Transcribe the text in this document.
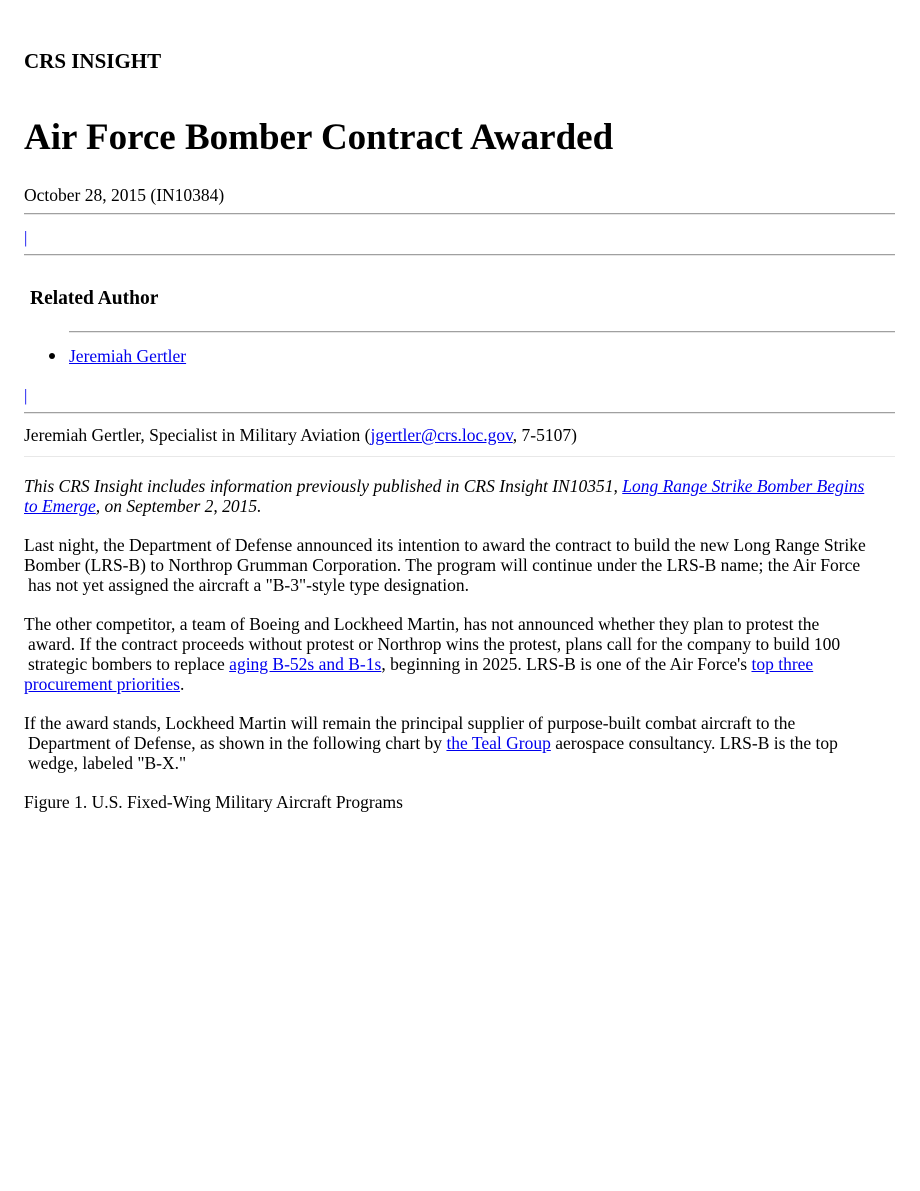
CRS INSIGHT
Air Force Bomber Contract Awarded
October 28, 2015 (IN10384)
|
Related Author
Jeremiah Gertler
|
Jeremiah Gertler, Specialist in Military Aviation (jgertler@crs.loc.gov, 7-5107)
This CRS Insight includes information previously published in CRS Insight IN10351, Long Range Strike Bomber Begins
to Emerge, on September 2, 2015.
Last night, the Department of Defense announced its intention to award the contract to build the new Long Range Strike
Bomber (LRS-B) to Northrop Grumman Corporation. The program will continue under the LRS-B name; the Air Force
has not yet assigned the aircraft a "B-3"-style type designation.
The other competitor, a team of Boeing and Lockheed Martin, has not announced whether they plan to protest the
award. If the contract proceeds without protest or Northrop wins the protest, plans call for the company to build 100
strategic bombers to replace aging B-52s and B-1s, beginning in 2025. LRS-B is one of the Air Force's top three
procurement priorities.
If the award stands, Lockheed Martin will remain the principal supplier of purpose-built combat aircraft to the
Department of Defense, as shown in the following chart by the Teal Group aerospace consultancy. LRS-B is the top
wedge, labeled "B-X."
Figure 1. U.S. Fixed-Wing Military Aircraft Programs
